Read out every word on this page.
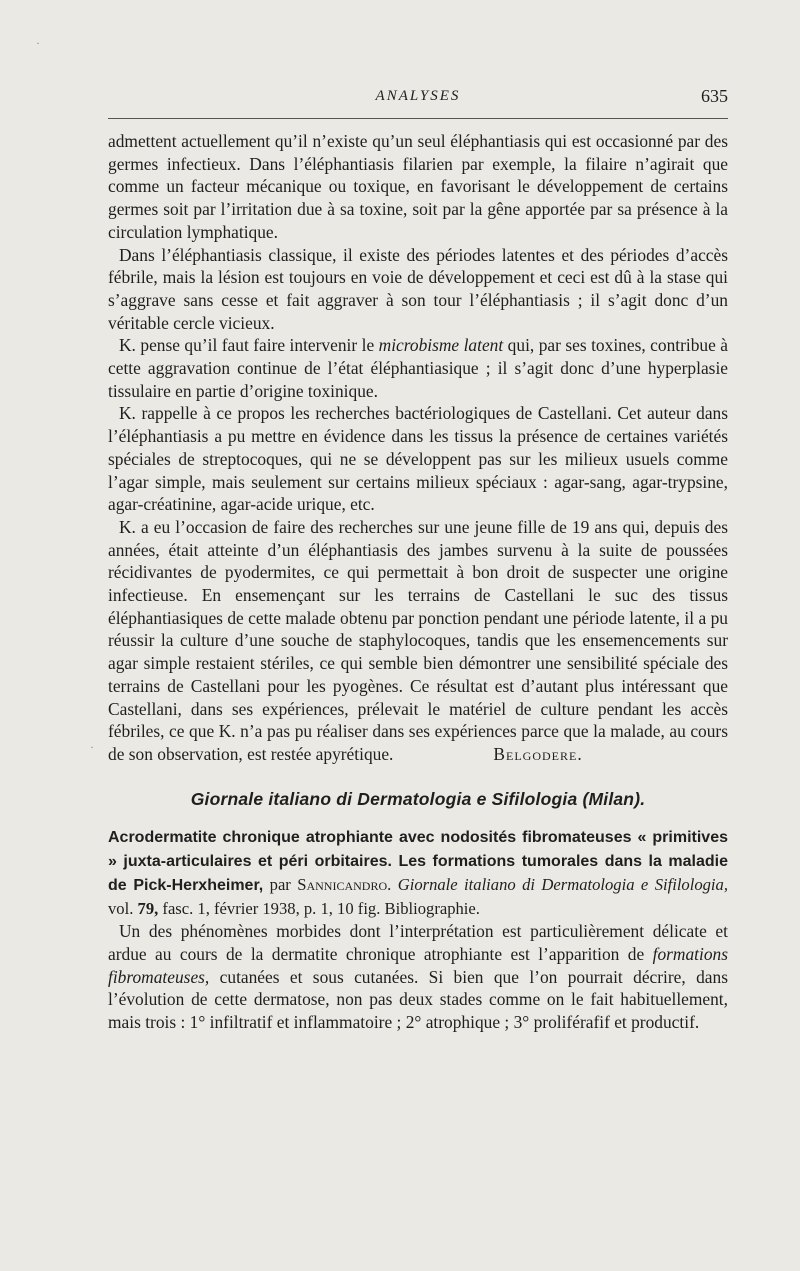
ANALYSES	635
·
·

admettent actuellement qu’il n’existe qu’un seul éléphantiasis qui est occasionné par des germes infectieux. Dans l’éléphantiasis filarien par exemple, la filaire n’agirait que comme un facteur mécanique ou toxique, en favorisant le développement de certains germes soit par l’irritation due à sa toxine, soit par la gêne apportée par sa présence à la circulation lymphatique.

Dans l’éléphantiasis classique, il existe des périodes latentes et des périodes d’accès fébrile, mais la lésion est toujours en voie de développement et ceci est dû à la stase qui s’aggrave sans cesse et fait aggraver à son tour l’éléphantiasis ; il s’agit donc d’un véritable cercle vicieux.

K. pense qu’il faut faire intervenir le microbisme latent qui, par ses toxines, contribue à cette aggravation continue de l’état éléphantiasique ; il s’agit donc d’une hyperplasie tissulaire en partie d’origine toxinique.

K. rappelle à ce propos les recherches bactériologiques de Castellani. Cet auteur dans l’éléphantiasis a pu mettre en évidence dans les tissus la présence de certaines variétés spéciales de streptocoques, qui ne se développent pas sur les milieux usuels comme l’agar simple, mais seulement sur certains milieux spéciaux : agar-sang, agar-trypsine, agar-créatinine, agar-acide urique, etc.

K. a eu l’occasion de faire des recherches sur une jeune fille de 19 ans qui, depuis des années, était atteinte d’un éléphantiasis des jambes survenu à la suite de poussées récidivantes de pyodermites, ce qui permettait à bon droit de suspecter une origine infectieuse. En ensemençant sur les terrains de Castellani le suc des tissus éléphantiasiques de cette malade obtenu par ponction pendant une période latente, il a pu réussir la culture d’une souche de staphylocoques, tandis que les ensemencements sur agar simple restaient stériles, ce qui semble bien démontrer une sensibilité spéciale des terrains de Castellani pour les pyogènes. Ce résultat est d’autant plus intéressant que Castellani, dans ses expériences, prélevait le matériel de culture pendant les accès fébriles, ce que K. n’a pas pu réaliser dans ses expériences parce que la malade, au cours de son observation, est restée apyrétique.	Belgodere.

Giornale italiano di Dermatologia e Sifilologia (Milan).

Acrodermatite chronique atrophiante avec nodosités fibromateuses « primitives » juxta-articulaires et péri orbitaires. Les formations tumorales dans la maladie de Pick-Herxheimer, par Sannicandro. Giornale italiano di Dermatologia e Sifilologia, vol. 79, fasc. 1, février 1938, p. 1, 10 fig. Bibliographie.

Un des phénomènes morbides dont l’interprétation est particulièrement délicate et ardue au cours de la dermatite chronique atrophiante est l’apparition de formations fibromateuses, cutanées et sous cutanées. Si bien que l’on pourrait décrire, dans l’évolution de cette dermatose, non pas deux stades comme on le fait habituellement, mais trois : 1° infiltratif et inflammatoire ; 2° atrophique ; 3° proliférafif et productif.
